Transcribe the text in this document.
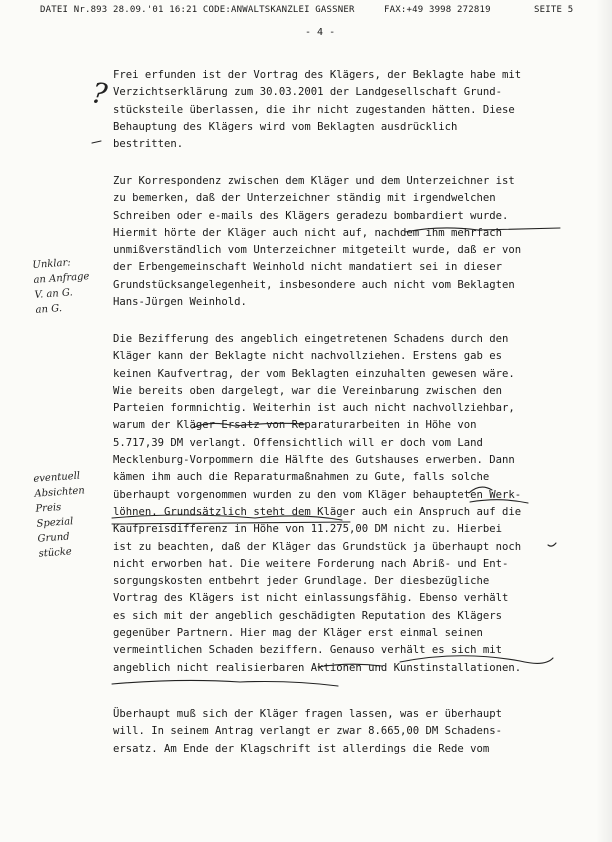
DATEI Nr.893 28.09.'01 16:21 CODE:ANWALTSKANZLEI GASSNER	FAX:+49 3998 272819	SEITE 5
- 4 -
Frei erfunden ist der Vortrag des Klägers, der Beklagte habe mit
Verzichtserklärung zum 30.03.2001 der Landgesellschaft Grund-
stücksteile überlassen, die ihr nicht zugestanden hätten. Diese
Behauptung des Klägers wird vom Beklagten ausdrücklich
bestritten.
Zur Korrespondenz zwischen dem Kläger und dem Unterzeichner ist
zu bemerken, daß der Unterzeichner ständig mit irgendwelchen
Schreiben oder e-mails des Klägers geradezu bombardiert wurde.
Hiermit hörte der Kläger auch nicht auf, nachdem ihm mehrfach
unmißverständlich vom Unterzeichner mitgeteilt wurde, daß er von
der Erbengemeinschaft Weinhold nicht mandatiert sei in dieser
Grundstücksangelegenheit, insbesondere auch nicht vom Beklagten
Hans-Jürgen Weinhold.
Die Bezifferung des angeblich eingetretenen Schadens durch den
Kläger kann der Beklagte nicht nachvollziehen. Erstens gab es
keinen Kaufvertrag, der vom Beklagten einzuhalten gewesen wäre.
Wie bereits oben dargelegt, war die Vereinbarung zwischen den
Parteien formnichtig. Weiterhin ist auch nicht nachvollziehbar,
warum der Kläger Ersatz von Reparaturarbeiten in Höhe von
5.717,39 DM verlangt. Offensichtlich will er doch vom Land
Mecklenburg-Vorpommern die Hälfte des Gutshauses erwerben. Dann
kämen ihm auch die Reparaturmaßnahmen zu Gute, falls solche
überhaupt vorgenommen wurden zu den vom Kläger behaupteten Werk-
löhnen. Grundsätzlich steht dem Kläger auch ein Anspruch auf die
Kaufpreisdifferenz in Höhe von 11.275,00 DM nicht zu. Hierbei
ist zu beachten, daß der Kläger das Grundstück ja überhaupt noch
nicht erworben hat. Die weitere Forderung nach Abriß- und Ent-
sorgungskosten entbehrt jeder Grundlage. Der diesbezügliche
Vortrag des Klägers ist nicht einlassungsfähig. Ebenso verhält
es sich mit der angeblich geschädigten Reputation des Klägers
gegenüber Partnern. Hier mag der Kläger erst einmal seinen
vermeintlichen Schaden beziffern. Genauso verhält es sich mit
angeblich nicht realisierbaren Aktionen und Kunstinstallationen.
Überhaupt muß sich der Kläger fragen lassen, was er überhaupt
will. In seinem Antrag verlangt er zwar 8.665,00 DM Schadens-
ersatz. Am Ende der Klagschrift ist allerdings die Rede vom
?
Unklar:
an Anfrage
V. an G.
an G.
eventuell
Absichten
Preis
Spezial
Grund
stücke
